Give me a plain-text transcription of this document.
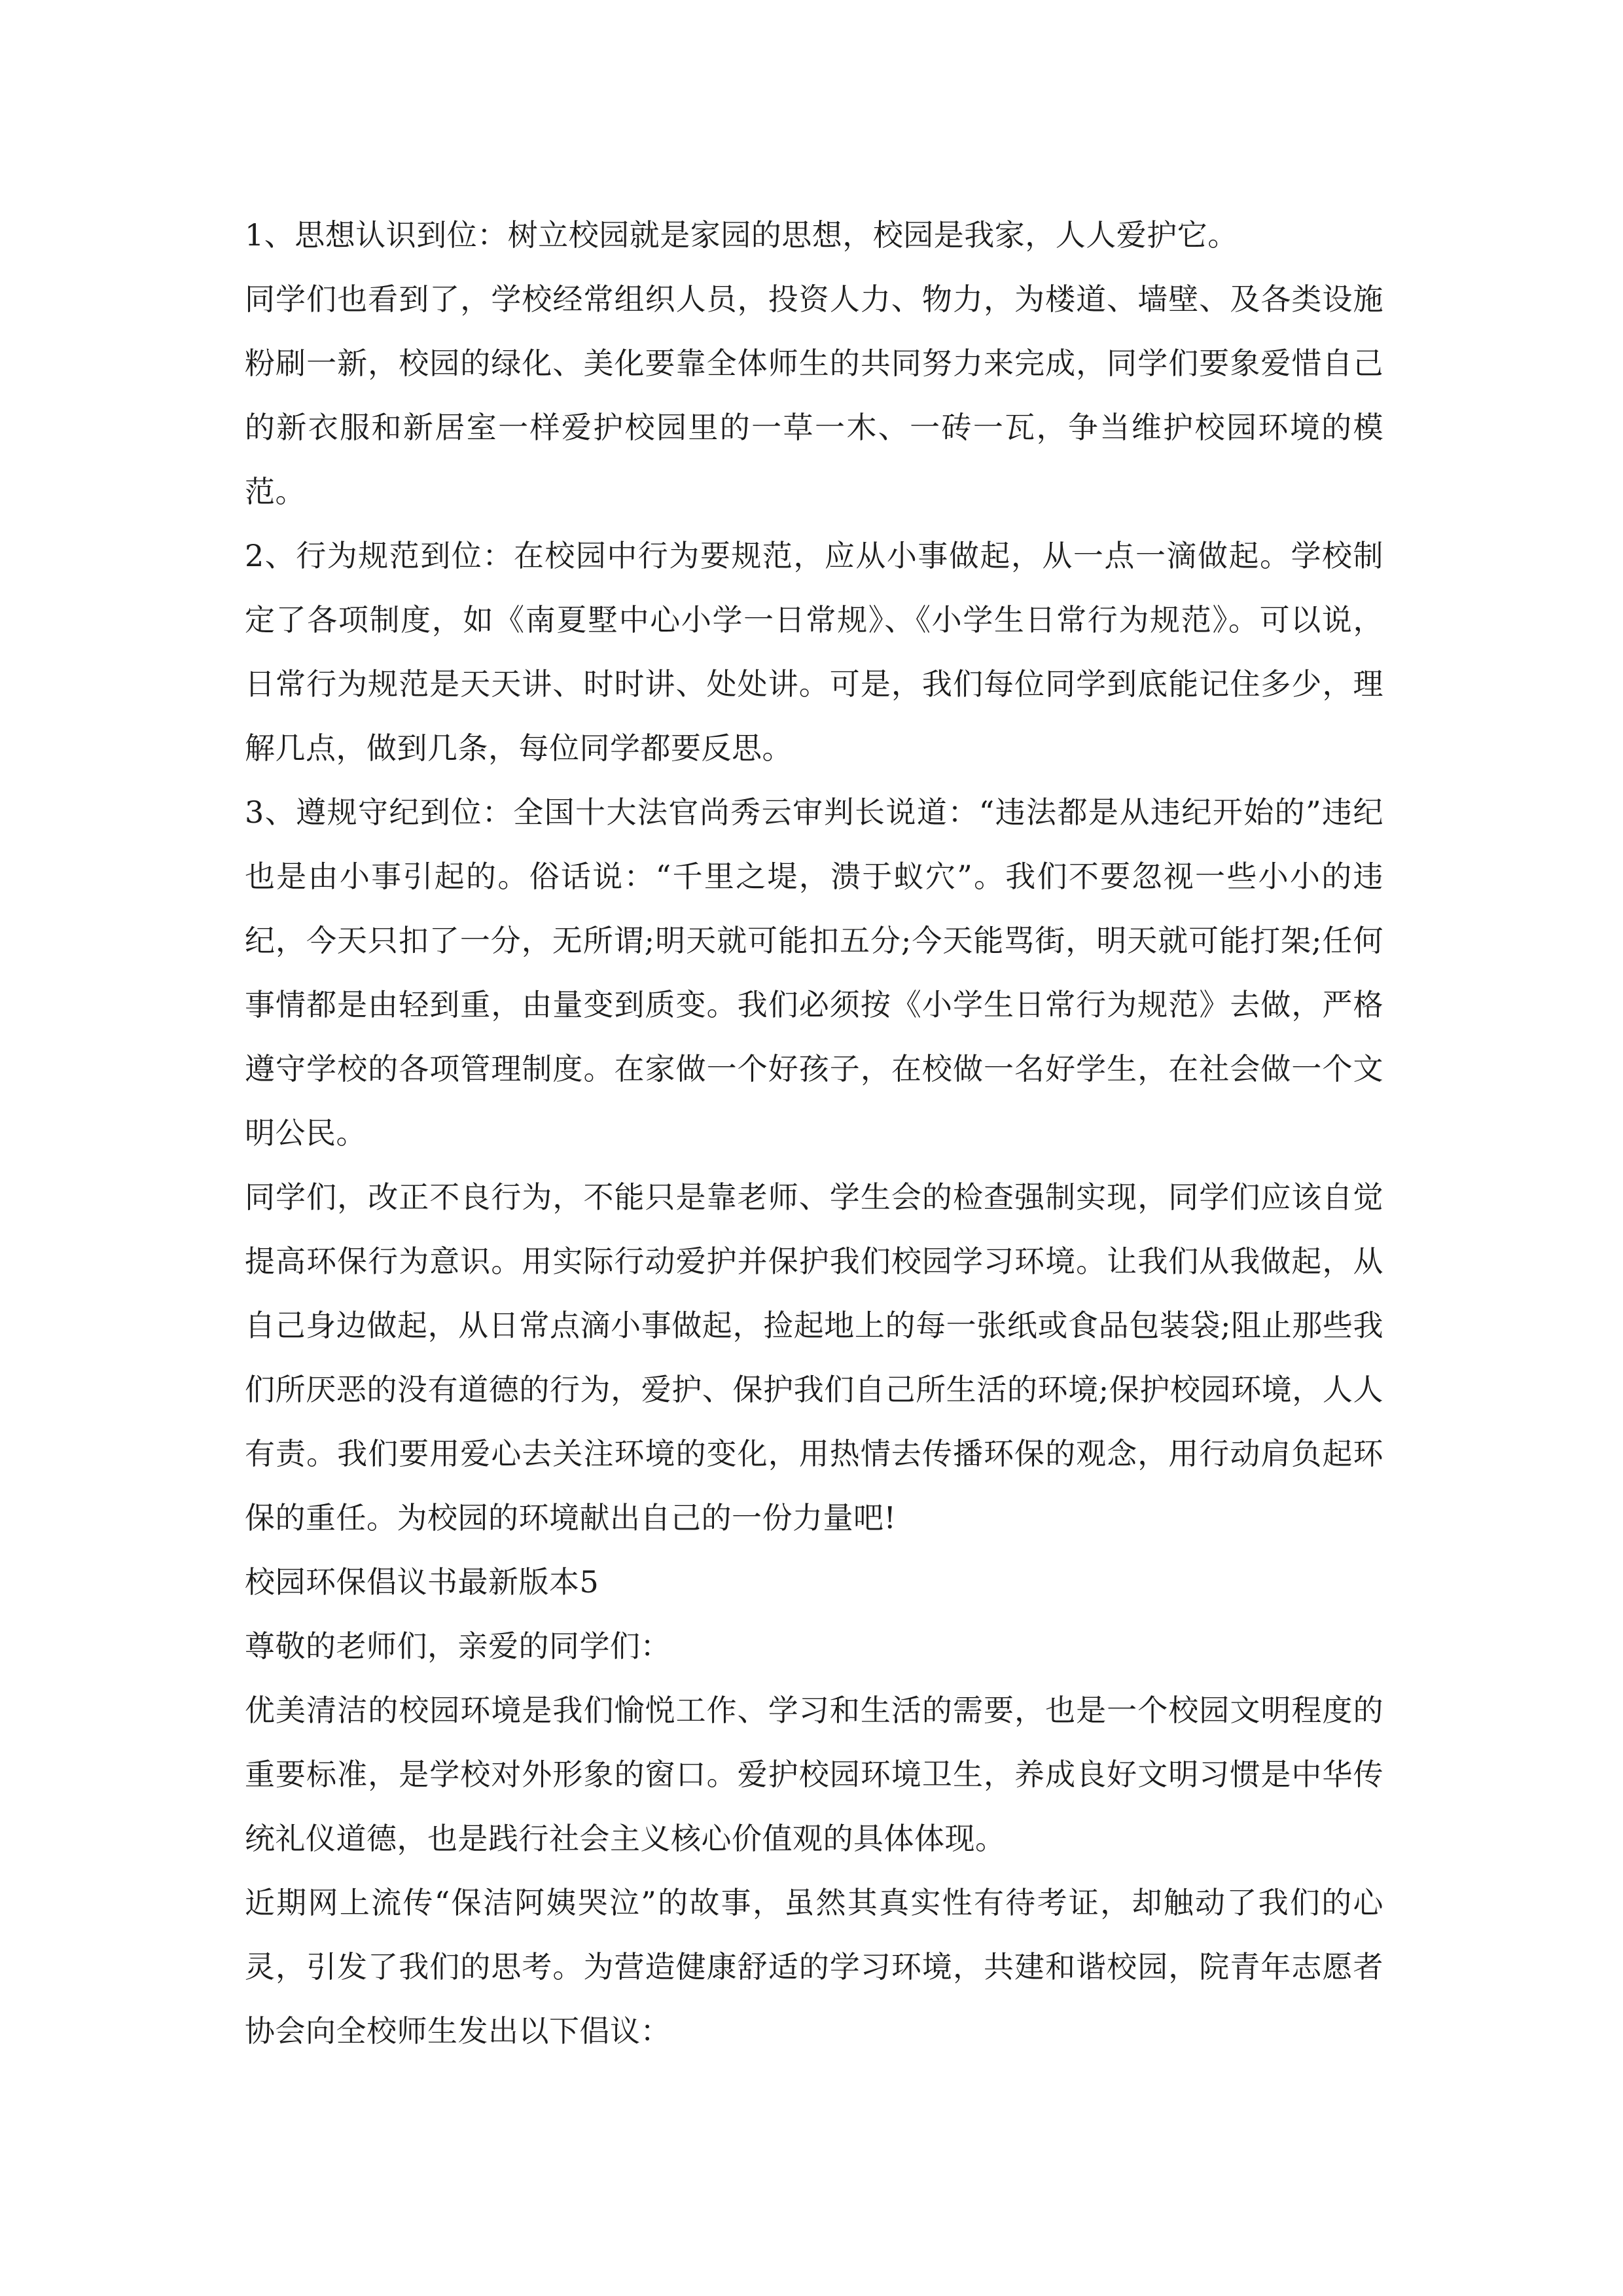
1、思想认识到位：树立校园就是家园的思想，校园是我家，人人爱护它。

同学们也看到了，学校经常组织人员，投资人力、物力，为楼道、墙壁、及各类设施粉刷一新，校园的绿化、美化要靠全体师生的共同努力来完成，同学们要象爱惜自己的新衣服和新居室一样爱护校园里的一草一木、一砖一瓦，争当维护校园环境的模范。

2、行为规范到位：在校园中行为要规范，应从小事做起，从一点一滴做起。学校制定了各项制度，如《南夏墅中心小学一日常规》、《小学生日常行为规范》。可以说，日常行为规范是天天讲、时时讲、处处讲。可是，我们每位同学到底能记住多少，理解几点，做到几条，每位同学都要反思。

3、遵规守纪到位：全国十大法官尚秀云审判长说道：“违法都是从违纪开始的”违纪也是由小事引起的。俗话说：“千里之堤，溃于蚁穴”。我们不要忽视一些小小的违纪，今天只扣了一分，无所谓;明天就可能扣五分;今天能骂街，明天就可能打架;任何事情都是由轻到重，由量变到质变。我们必须按《小学生日常行为规范》去做，严格遵守学校的各项管理制度。在家做一个好孩子，在校做一名好学生，在社会做一个文明公民。

同学们，改正不良行为，不能只是靠老师、学生会的检查强制实现，同学们应该自觉提高环保行为意识。用实际行动爱护并保护我们校园学习环境。让我们从我做起，从自己身边做起，从日常点滴小事做起，捡起地上的每一张纸或食品包装袋;阻止那些我们所厌恶的没有道德的行为，爱护、保护我们自己所生活的环境;保护校园环境，人人有责。我们要用爱心去关注环境的变化，用热情去传播环保的观念，用行动肩负起环保的重任。为校园的环境献出自己的一份力量吧!

校园环保倡议书最新版本5

尊敬的老师们，亲爱的同学们：

优美清洁的校园环境是我们愉悦工作、学习和生活的需要，也是一个校园文明程度的重要标准，是学校对外形象的窗口。爱护校园环境卫生，养成良好文明习惯是中华传统礼仪道德，也是践行社会主义核心价值观的具体体现。

近期网上流传“保洁阿姨哭泣”的故事，虽然其真实性有待考证，却触动了我们的心灵，引发了我们的思考。为营造健康舒适的学习环境，共建和谐校园，院青年志愿者协会向全校师生发出以下倡议：
